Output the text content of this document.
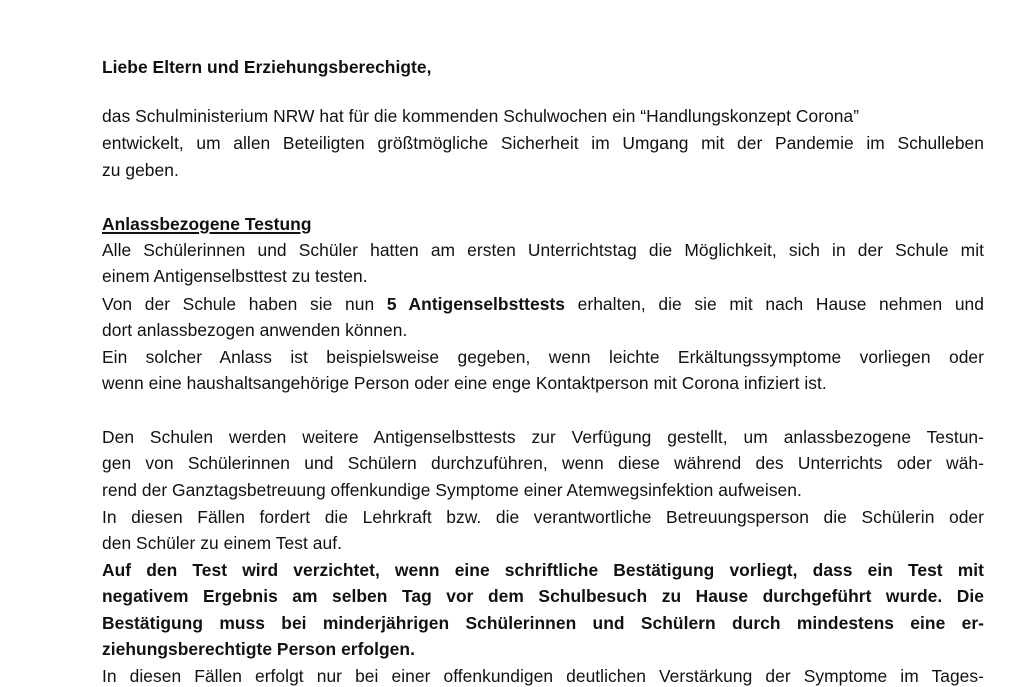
Liebe Eltern und Erziehungsberechigte,
das Schulministerium NRW hat für die kommenden Schulwochen ein “Handlungskonzept Corona”
entwickelt, um allen Beteiligten größtmögliche Sicherheit im Umgang mit der Pandemie im Schulleben
zu geben.
Anlassbezogene Testung
Alle Schülerinnen und Schüler hatten am ersten Unterrichtstag die Möglichkeit, sich in der Schule mit
einem Antigenselbsttest zu testen.
Von der Schule haben sie nun 5 Antigenselbsttests erhalten, die sie mit nach Hause nehmen und
dort anlassbezogen anwenden können.
Ein solcher Anlass ist beispielsweise gegeben, wenn leichte Erkältungssymptome vorliegen oder
wenn eine haushaltsangehörige Person oder eine enge Kontaktperson mit Corona infiziert ist.
Den Schulen werden weitere Antigenselbsttests zur Verfügung gestellt, um anlassbezogene Testun-
gen von Schülerinnen und Schülern durchzuführen, wenn diese während des Unterrichts oder wäh-
rend der Ganztagsbetreuung offenkundige Symptome einer Atemwegsinfektion aufweisen.
In diesen Fällen fordert die Lehrkraft bzw. die verantwortliche Betreuungsperson die Schülerin oder
den Schüler zu einem Test auf.
Auf den Test wird verzichtet, wenn eine schriftliche Bestätigung vorliegt, dass ein Test mit
negativem Ergebnis am selben Tag vor dem Schulbesuch zu Hause durchgeführt wurde. Die
Bestätigung muss bei minderjährigen Schülerinnen und Schülern durch mindestens eine er-
ziehungsberechtigte Person erfolgen.
In diesen Fällen erfolgt nur bei einer offenkundigen deutlichen Verstärkung der Symptome im Tages-
